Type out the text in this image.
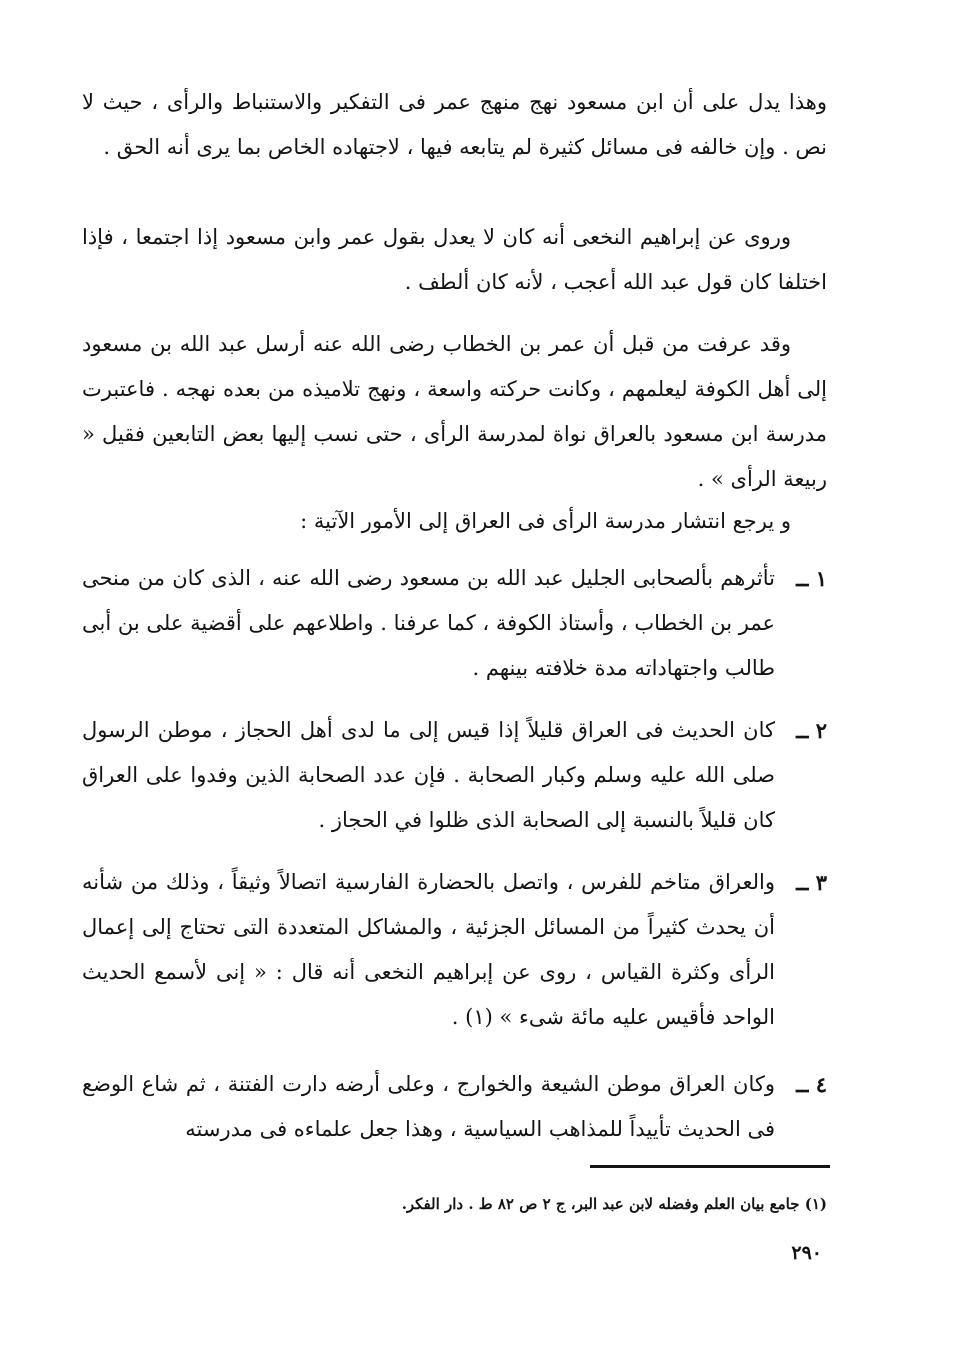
وهذا يدل على أن ابن مسعود نهج منهج عمر فى التفكير والاستنباط والرأى ، حيث لا نص . وإن خالفه فى مسائل كثيرة لم يتابعه فيها ، لاجتهاده الخاص بما يرى أنه الحق .

وروى عن إبراهيم النخعى أنه كان لا يعدل بقول عمر وابن مسعود إذا اجتمعا ، فإذا اختلفا كان قول عبد الله أعجب ، لأنه كان ألطف .

وقد عرفت من قبل أن عمر بن الخطاب رضى الله عنه أرسل عبد الله بن مسعود إلى أهل الكوفة ليعلمهم ، وكانت حركته واسعة ، ونهج تلاميذه من بعده نهجه . فاعتبرت مدرسة ابن مسعود بالعراق نواة لمدرسة الرأى ، حتى نسب إليها بعض التابعين فقيل « ربيعة الرأى » .

و يرجع انتشار مدرسة الرأى فى العراق إلى الأمور الآتية :

١ ــ
تأثرهم بألصحابى الجليل عبد الله بن مسعود رضى الله عنه ، الذى كان من منحى عمر بن الخطاب ، وأستاذ الكوفة ، كما عرفنا . واطلاعهم على أقضية على بن أبى طالب واجتهاداته مدة خلافته بينهم .
٢ ــ
كان الحديث فى العراق قليلاً إذا قيس إلى ما لدى أهل الحجاز ، موطن الرسول صلى الله عليه وسلم وكبار الصحابة . فإن عدد الصحابة الذين وفدوا على العراق كان قليلاً بالنسبة إلى الصحابة الذى ظلوا في الحجاز .
٣ ــ
والعراق متاخم للفرس ، واتصل بالحضارة الفارسية اتصالاً وثيقاً ، وذلك من شأنه أن يحدث كثيراً من المسائل الجزئية ، والمشاكل المتعددة التى تحتاج إلى إعمال الرأى وكثرة القياس ، روى عن إبراهيم النخعى أنه قال : « إنى لأسمع الحديث الواحد فأقيس عليه مائة شىء » (١) .
٤ ــ
وكان العراق موطن الشيعة والخوارج ، وعلى أرضه دارت الفتنة ، ثم شاع الوضع فى الحديث تأييداً للمذاهب السياسية ، وهذا جعل علماءه فى مدرسته
(١) جامع بيان العلم وفضله لابن عبد البر، ج ٢ ص ٨٢ ط . دار الفكر.
٢٩٠
